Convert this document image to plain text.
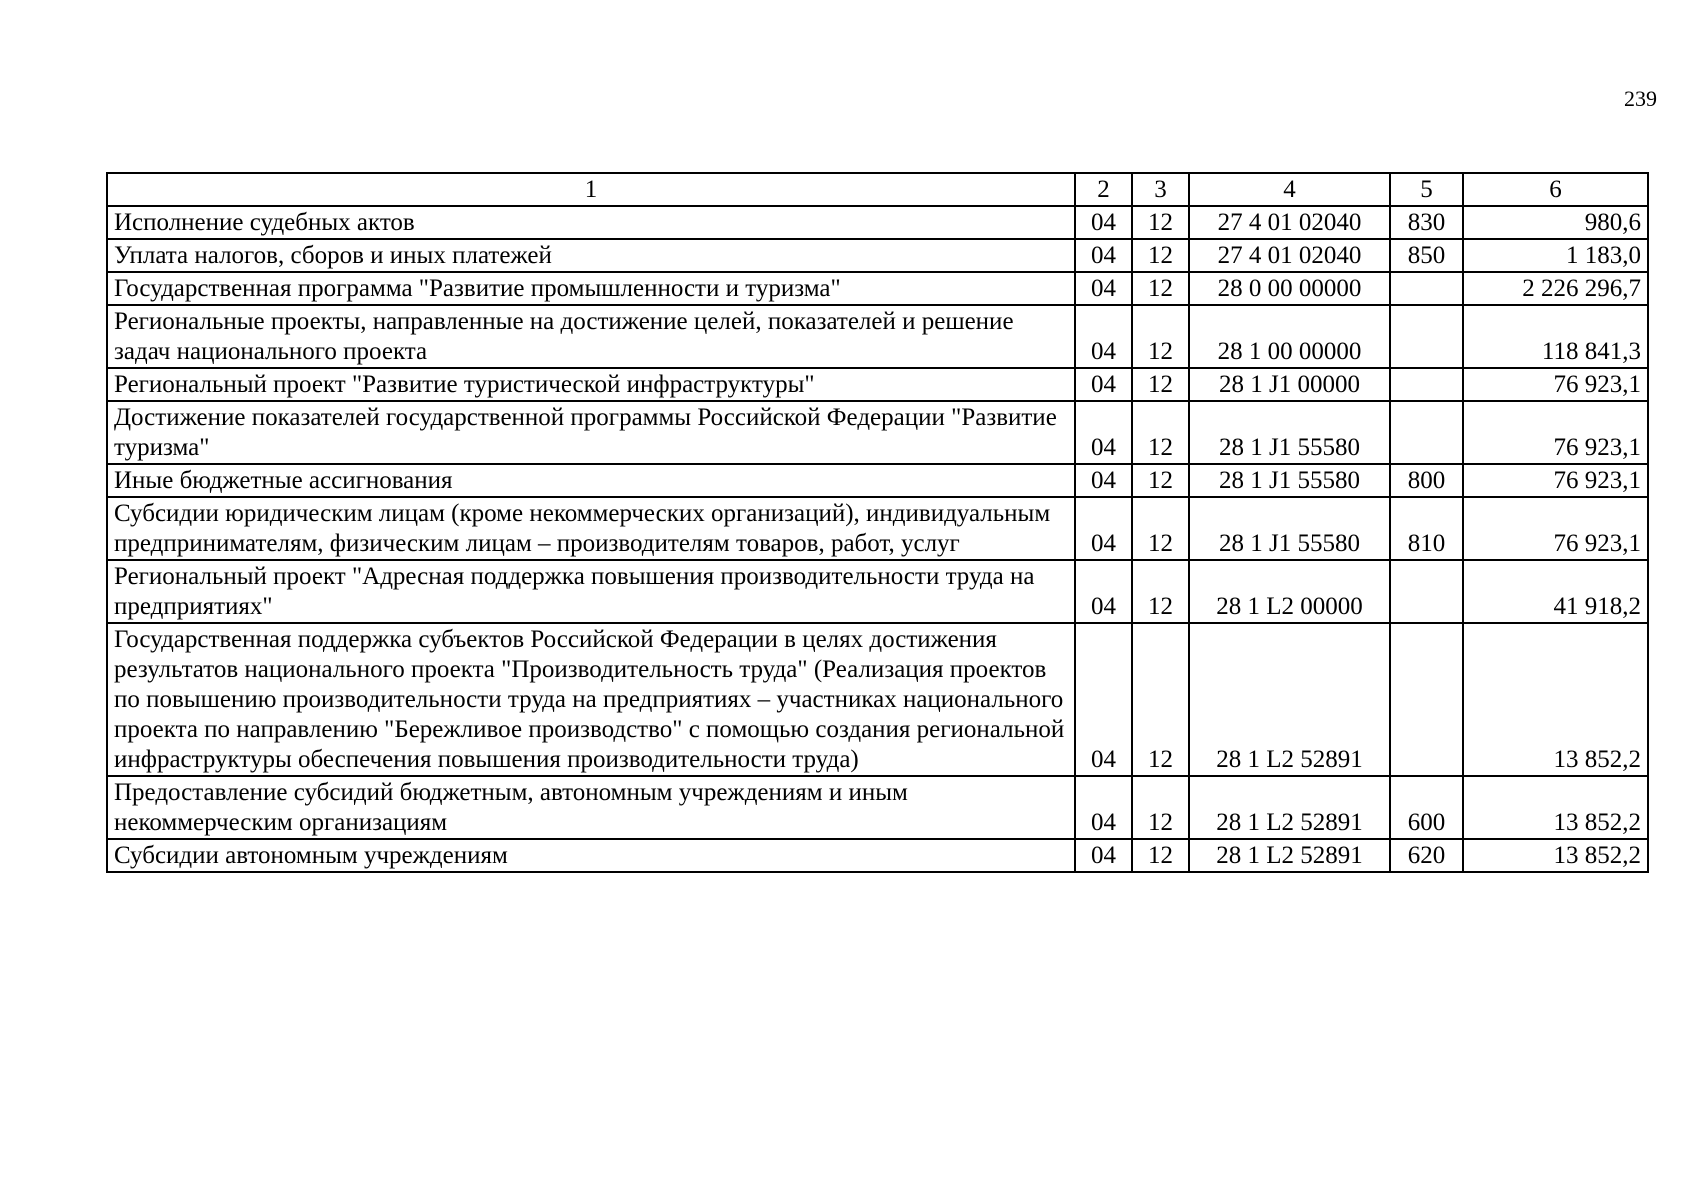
239
1	2	3	4	5	6
Исполнение судебных актов	04	12	27 4 01 02040	830	980,6
Уплата налогов, сборов и иных платежей	04	12	27 4 01 02040	850	1 183,0
Государственная программа "Развитие промышленности и туризма"	04	12	28 0 00 00000		2 226 296,7
Региональные проекты, направленные на достижение целей, показателей и решение задач национального проекта	04	12	28 1 00 00000		118 841,3
Региональный проект "Развитие туристической инфраструктуры"	04	12	28 1 J1 00000		76 923,1
Достижение показателей государственной программы Российской Федерации "Развитие туризма"	04	12	28 1 J1 55580		76 923,1
Иные бюджетные ассигнования	04	12	28 1 J1 55580	800	76 923,1
Субсидии юридическим лицам (кроме некоммерческих организаций), индивидуальным предпринимателям, физическим лицам – производителям товаров, работ, услуг	04	12	28 1 J1 55580	810	76 923,1
Региональный проект "Адресная поддержка повышения производительности труда на предприятиях"	04	12	28 1 L2 00000		41 918,2
Государственная поддержка субъектов Российской Федерации в целях достижения результатов национального проекта "Производительность труда" (Реализация проектов по повышению производительности труда на предприятиях – участниках национального проекта по направлению "Бережливое производство" с помощью создания региональной инфраструктуры обеспечения повышения производительности труда)	04	12	28 1 L2 52891		13 852,2
Предоставление субсидий бюджетным, автономным учреждениям и иным некоммерческим организациям	04	12	28 1 L2 52891	600	13 852,2
Субсидии автономным учреждениям	04	12	28 1 L2 52891	620	13 852,2
